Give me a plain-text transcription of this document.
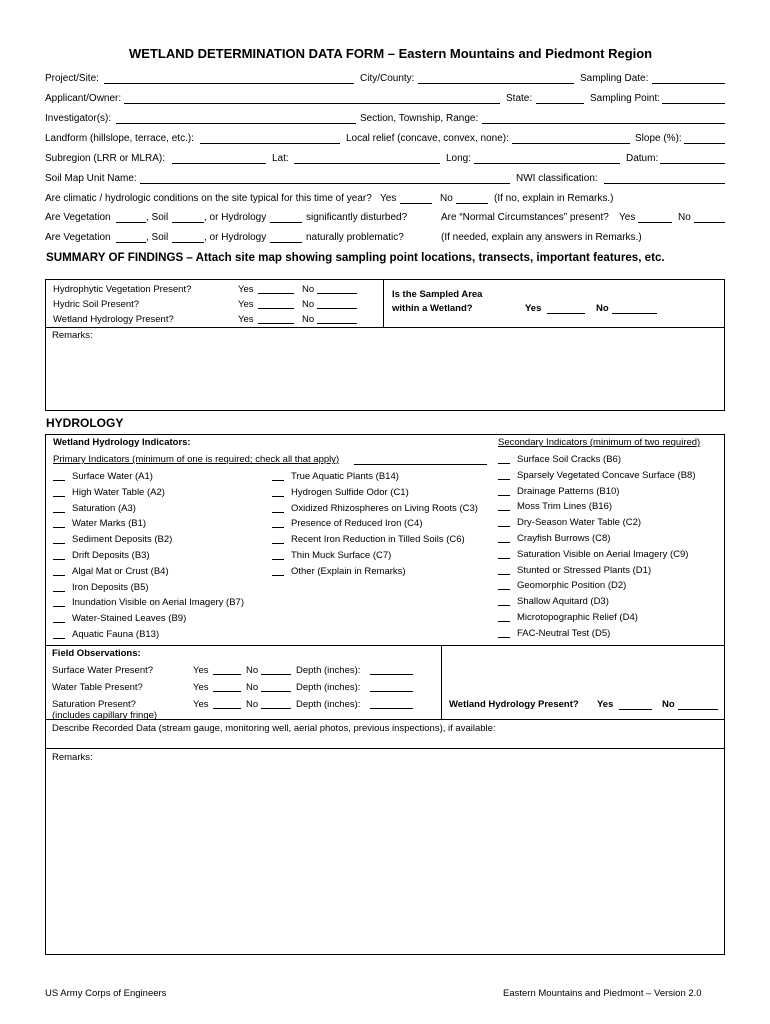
WETLAND DETERMINATION DATA FORM – Eastern Mountains and Piedmont Region
Project/Site:	City/County:	Sampling Date:
Applicant/Owner:	State:	Sampling Point:
Investigator(s):	Section, Township, Range:
Landform (hillslope, terrace, etc.):	Local relief (concave, convex, none):	Slope (%):
Subregion (LRR or MLRA):	Lat:	Long:	Datum:
Soil Map Unit Name:	NWI classification:
Are climatic / hydrologic conditions on the site typical for this time of year? Yes	No	(If no, explain in Remarks.)
Are Vegetation	, Soil	, or Hydrology	significantly disturbed?	Are “Normal Circumstances” present? Yes	No
Are Vegetation	, Soil	, or Hydrology	naturally problematic?	(If needed, explain any answers in Remarks.)
SUMMARY OF FINDINGS – Attach site map showing sampling point locations, transects, important features, etc.
Hydrophytic Vegetation Present?	Yes	No
Hydric Soil Present?	Yes	No
Wetland Hydrology Present?	Yes	No
Is the Sampled Area
within a Wetland?	Yes	No
Remarks:
HYDROLOGY
Wetland Hydrology Indicators:	Secondary Indicators (minimum of two required)
Primary Indicators (minimum of one is required; check all that apply)
Surface Water (A1)
High Water Table (A2)
Saturation (A3)
Water Marks (B1)
Sediment Deposits (B2)
Drift Deposits (B3)
Algal Mat or Crust (B4)
Iron Deposits (B5)
Inundation Visible on Aerial Imagery (B7)
Water-Stained Leaves (B9)
Aquatic Fauna (B13)
True Aquatic Plants (B14)
Hydrogen Sulfide Odor (C1)
Oxidized Rhizospheres on Living Roots (C3)
Presence of Reduced Iron (C4)
Recent Iron Reduction in Tilled Soils (C6)
Thin Muck Surface (C7)
Other (Explain in Remarks)
Surface Soil Cracks (B6)
Sparsely Vegetated Concave Surface (B8)
Drainage Patterns (B10)
Moss Trim Lines (B16)
Dry-Season Water Table (C2)
Crayfish Burrows (C8)
Saturation Visible on Aerial Imagery (C9)
Stunted or Stressed Plants (D1)
Geomorphic Position (D2)
Shallow Aquitard (D3)
Microtopographic Relief (D4)
FAC-Neutral Test (D5)
Field Observations:
Surface Water Present?	Yes	No	Depth (inches):
Water Table Present?	Yes	No	Depth (inches):
Saturation Present?
(includes capillary fringe)
Yes	No	Depth (inches):	Wetland Hydrology Present? Yes	No
Describe Recorded Data (stream gauge, monitoring well, aerial photos, previous inspections), if available:
Remarks:
US Army Corps of Engineers	Eastern Mountains and Piedmont – Version 2.0
